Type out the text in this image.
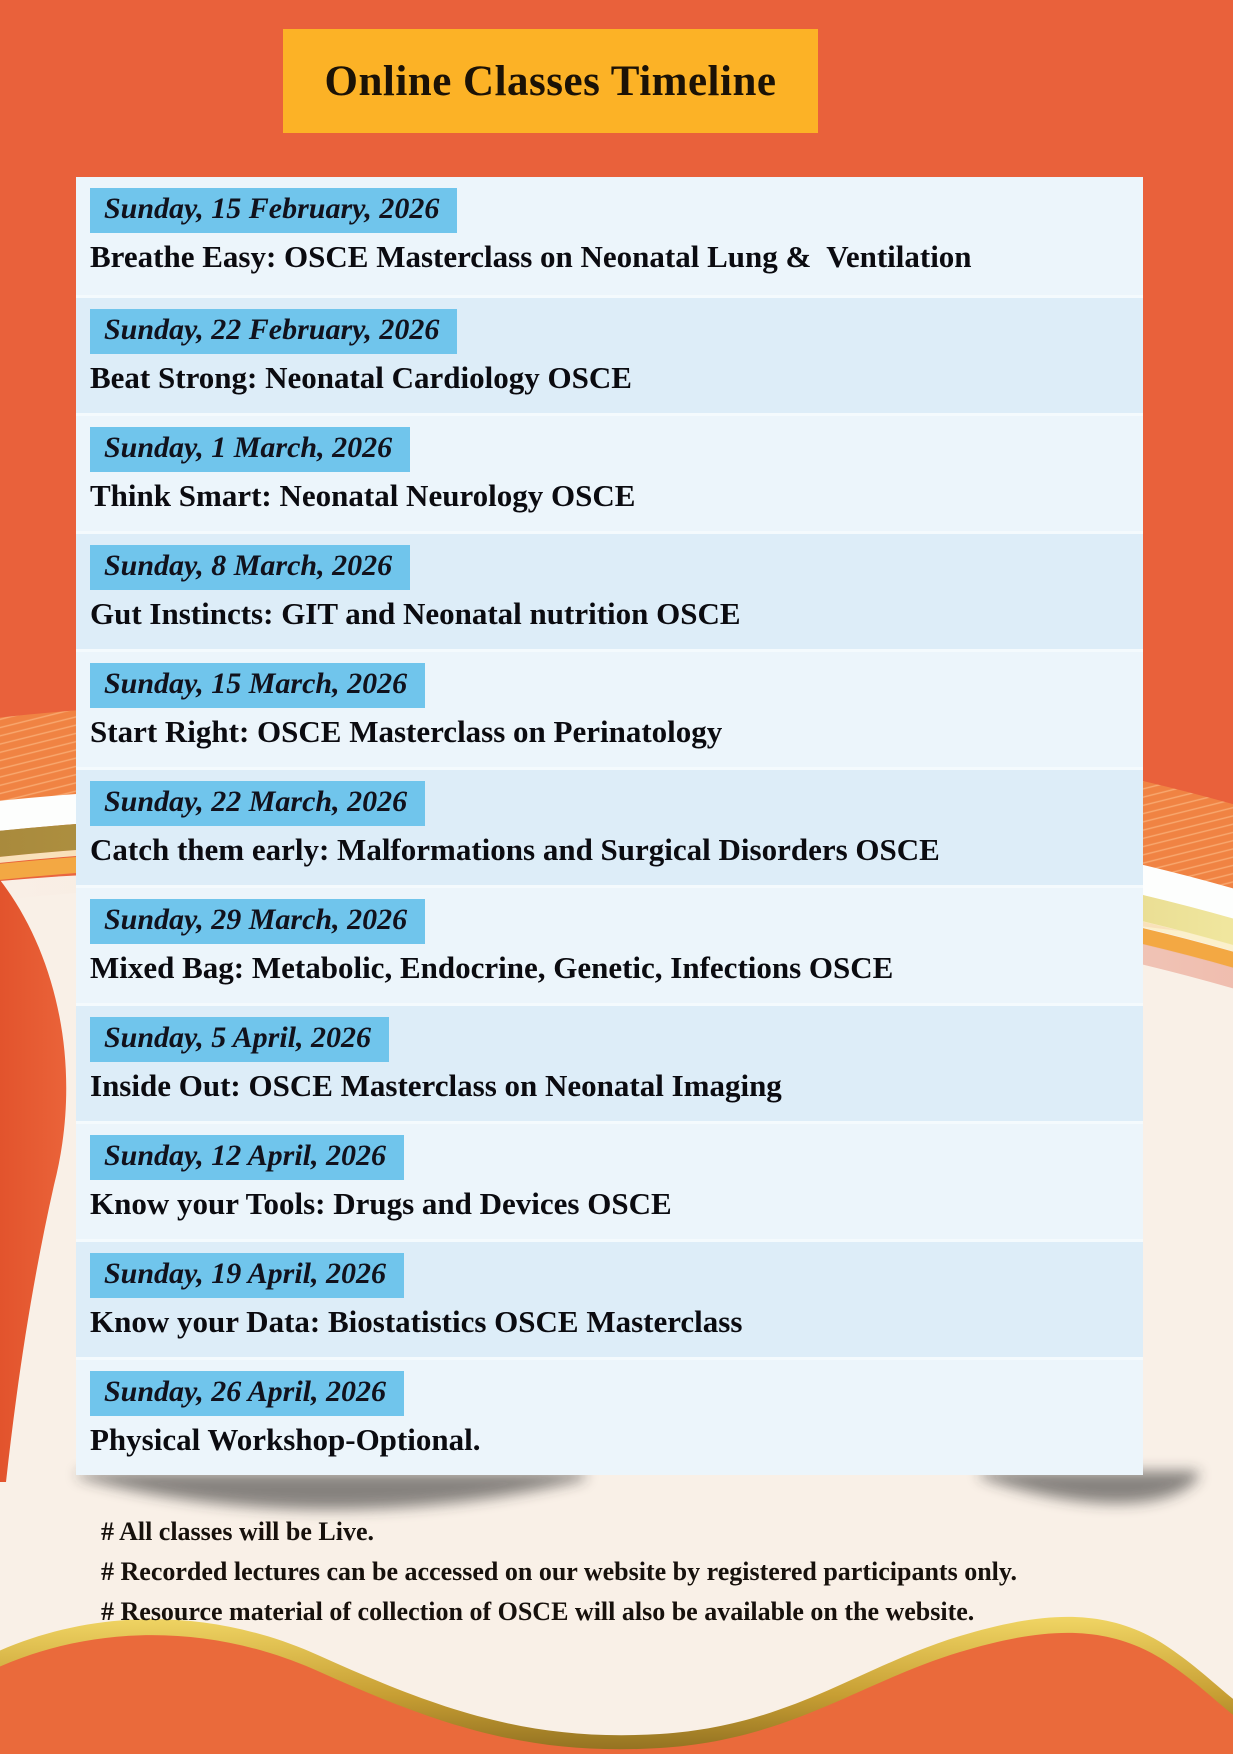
Online Classes Timeline
Sunday, 15 February, 2026
Breathe Easy: OSCE Masterclass on Neonatal Lung &  Ventilation
Sunday, 22 February, 2026
Beat Strong: Neonatal Cardiology OSCE
Sunday, 1 March, 2026
Think Smart: Neonatal Neurology OSCE
Sunday, 8 March, 2026
Gut Instincts: GIT and Neonatal nutrition OSCE
Sunday, 15 March, 2026
Start Right: OSCE Masterclass on Perinatology
Sunday, 22 March, 2026
Catch them early: Malformations and Surgical Disorders OSCE
Sunday, 29 March, 2026
Mixed Bag: Metabolic, Endocrine, Genetic, Infections OSCE
Sunday, 5 April, 2026
Inside Out: OSCE Masterclass on Neonatal Imaging
Sunday, 12 April, 2026
Know your Tools: Drugs and Devices OSCE
Sunday, 19 April, 2026
Know your Data: Biostatistics OSCE Masterclass
Sunday, 26 April, 2026
Physical Workshop-Optional.
# All classes will be Live.
# Recorded lectures can be accessed on our website by registered participants only.
# Resource material of collection of OSCE will also be available on the website.
